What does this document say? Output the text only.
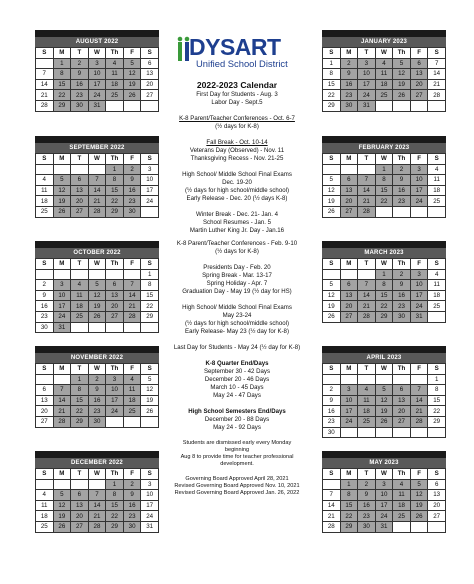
AUGUST 2022
S	M	T	W	Th	F	S
	1	2	3	4	5	6
7	8	9	10	11	12	13
14	15	16	17	18	19	20
21	22	23	24	25	26	27
28	29	30	31			
SEPTEMBER 2022
S	M	T	W	Th	F	S
				1	2	3
4	5	6	7	8	9	10
11	12	13	14	15	16	17
18	19	20	21	22	23	24
25	26	27	28	29	30	
OCTOBER 2022
S	M	T	W	Th	F	S
						1
2	3	4	5	6	7	8
9	10	11	12	13	14	15
16	17	18	19	20	21	22
23	24	25	26	27	28	29
30	31					
NOVEMBER 2022
S	M	T	W	Th	F	S
		1	2	3	4	5
6	7	8	9	10	11	12
13	14	15	16	17	18	19
20	21	22	23	24	25	26
27	28	29	30			
DECEMBER 2022
S	M	T	W	Th	F	S
				1	2	3
4	5	6	7	8	9	10
11	12	13	14	15	16	17
18	19	20	21	22	23	24
25	26	27	28	29	30	31
JANUARY 2023
S	M	T	W	Th	F	S
1	2	3	4	5	6	7
8	9	10	11	12	13	14
15	16	17	18	19	20	21
22	23	24	25	26	27	28
29	30	31				
FEBRUARY 2023
S	M	T	W	Th	F	S
			1	2	3	4
5	6	7	8	9	10	11
12	13	14	15	16	17	18
19	20	21	22	23	24	25
26	27	28				
MARCH 2023
S	M	T	W	Th	F	S
			1	2	3	4
5	6	7	8	9	10	11
12	13	14	15	16	17	18
19	20	21	22	23	24	25
26	27	28	29	30	31	
APRIL 2023
S	M	T	W	Th	F	S
						1
2	3	4	5	6	7	8
9	10	11	12	13	14	15
16	17	18	19	20	21	22
23	24	25	26	27	28	29
30						
MAY 2023
S	M	T	W	Th	F	S
	1	2	3	4	5	6
7	8	9	10	11	12	13
14	15	16	17	18	19	20
21	22	23	24	25	26	27
28	29	30	31			
DYSART
Unified School District
2022-2023 Calendar
First Day for Students - Aug. 3
Labor Day - Sept.5
K-8 Parent/Teacher Conferences - Oct. 6-7
(½ days for K-8)
Fall Break - Oct. 10-14
Veterans Day (Observed) - Nov. 11
Thanksgiving Recess - Nov. 21-25
High School/ Middle School Final Exams
Dec. 19-20
(½ days for high school/middle school)
Early Release - Dec. 20 (½ days K-8)
Winter Break - Dec. 21- Jan. 4
School Resumes - Jan. 5
Martin Luther King Jr. Day - Jan.16
K-8 Parent/Teacher Conferences - Feb. 9-10
(½ days for K-8)
Presidents Day - Feb. 20
Spring Break - Mar. 13-17
Spring Holiday - Apr. 7
Graduation Day - May 19 (½ day for HS)
High School/ Middle School Final Exams
May 23-24
(½ days for high school/middle school)
Early Release- May 23 (½ day for K-8)
Last Day for Students - May 24 (½ day for K-8)
K-8 Quarter End/Days
September 30 - 42 Days
December 20 - 46 Days
March 10 - 45 Days
May 24 - 47 Days
High School Semesters End/Days
December 20 - 88 Days
May 24 - 92 Days
Students are dismissed early every Monday beginning
Aug 8 to provide time for teacher professional
development.
Governing Board Approved April 28, 2021
Revised Governing Board Approved Nov. 10, 2021
Revised Governing Board Approved Jan. 26, 2022
